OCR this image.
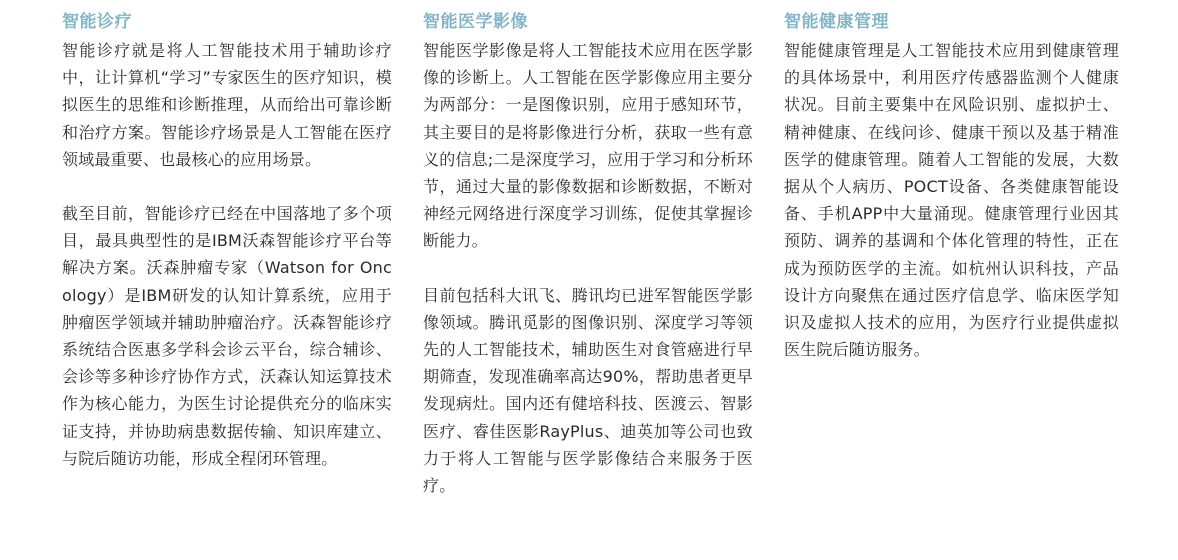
智能诊疗

智能诊疗就是将人工智能技术用于辅助诊疗中，让计算机“学习”专家医生的医疗知识，模拟医生的思维和诊断推理，从而给出可靠诊断和治疗方案。智能诊疗场景是人工智能在医疗领域最重要、也最核心的应用场景。

截至目前，智能诊疗已经在中国落地了多个项目，最具典型性的是IBM沃森智能诊疗平台等解决方案。沃森肿瘤专家（Watson for Oncology）是IBM研发的认知计算系统，应用于肿瘤医学领域并辅助肿瘤治疗。沃森智能诊疗系统结合医惠多学科会诊云平台，综合辅诊、会诊等多种诊疗协作方式，沃森认知运算技术作为核心能力，为医生讨论提供充分的临床实证支持，并协助病患数据传输、知识库建立、与院后随访功能，形成全程闭环管理。

智能医学影像

智能医学影像是将人工智能技术应用在医学影像的诊断上。人工智能在医学影像应用主要分为两部分：一是图像识别，应用于感知环节，其主要目的是将影像进行分析，获取一些有意义的信息;二是深度学习，应用于学习和分析环节，通过大量的影像数据和诊断数据，不断对神经元网络进行深度学习训练，促使其掌握诊断能力。

目前包括科大讯飞、腾讯均已进军智能医学影像领域。腾讯觅影的图像识别、深度学习等领先的人工智能技术，辅助医生对食管癌进行早期筛查，发现准确率高达90%，帮助患者更早发现病灶。国内还有健培科技、医渡云、智影医疗、睿佳医影RayPlus、迪英加等公司也致力于将人工智能与医学影像结合来服务于医疗。

智能健康管理

智能健康管理是人工智能技术应用到健康管理的具体场景中，利用医疗传感器监测个人健康状况。目前主要集中在风险识别、虚拟护士、精神健康、在线问诊、健康干预以及基于精准医学的健康管理。随着人工智能的发展，大数据从个人病历、POCT设备、各类健康智能设备、手机APP中大量涌现。健康管理行业因其预防、调养的基调和个体化管理的特性，正在成为预防医学的主流。如杭州认识科技，产品设计方向聚焦在通过医疗信息学、临床医学知识及虚拟人技术的应用，为医疗行业提供虚拟医生院后随访服务。
